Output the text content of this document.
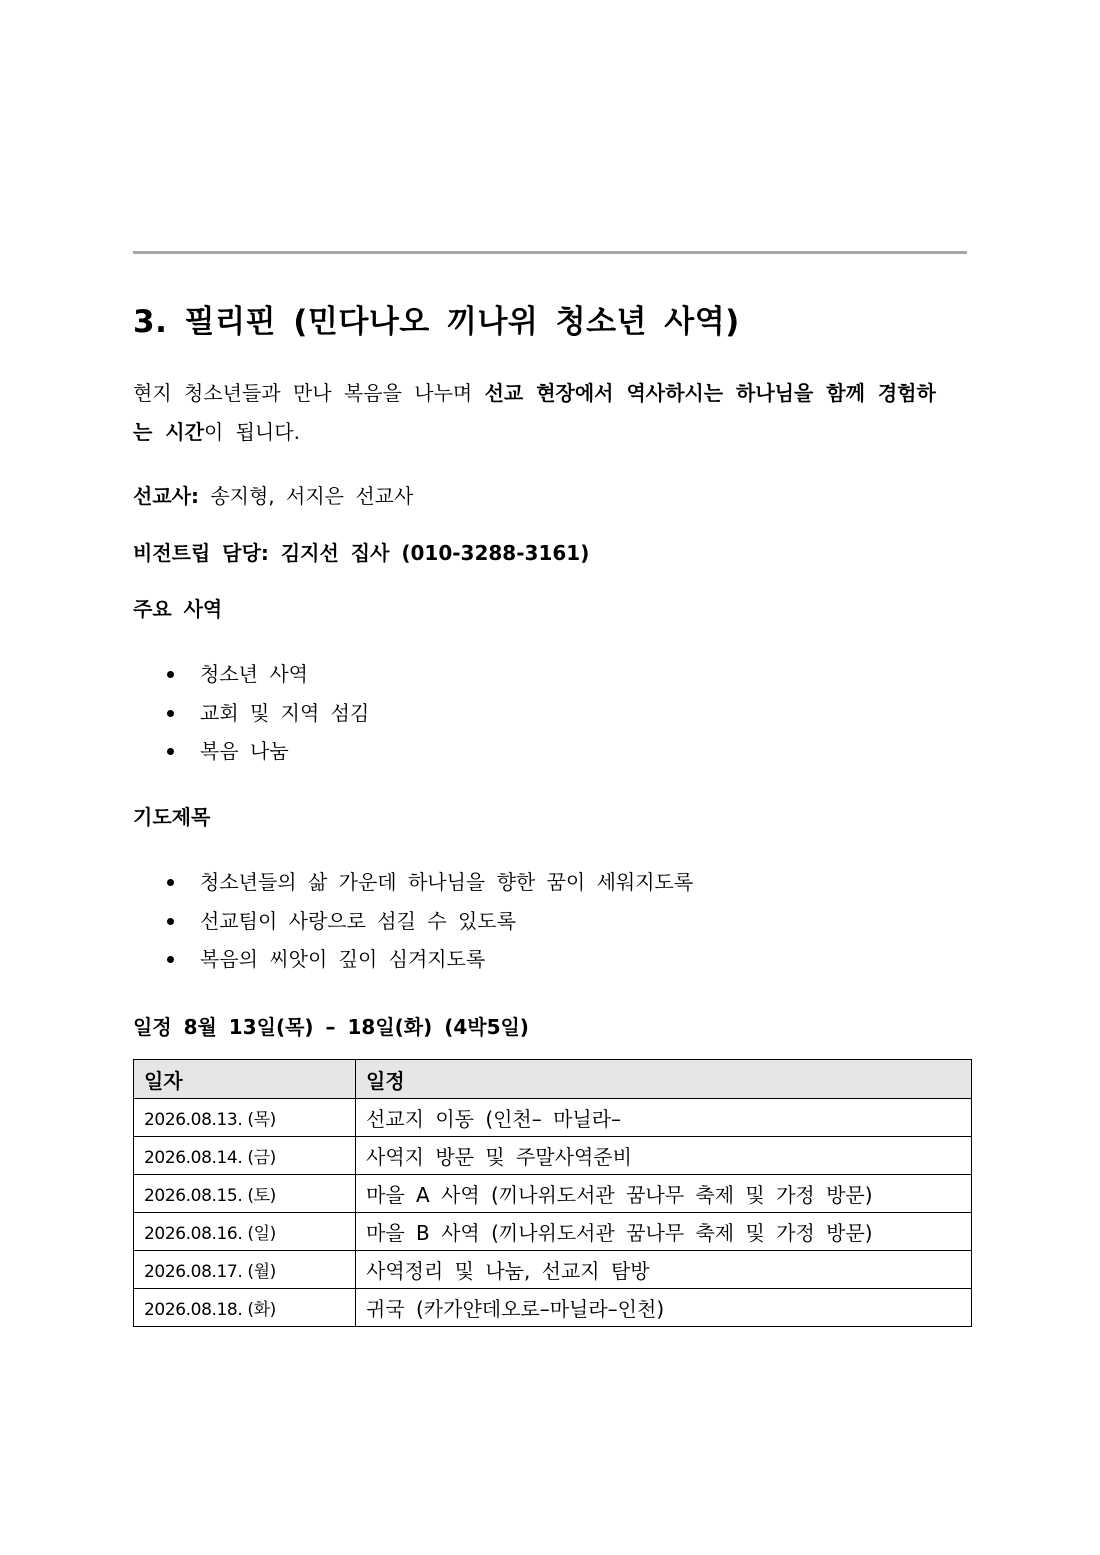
3. 필리핀 (민다나오 끼나위 청소년 사역)

현지 청소년들과 만나 복음을 나누며 선교 현장에서 역사하시는 하나님을 함께 경험하는 시간이 됩니다.

선교사: 송지형, 서지은 선교사

비전트립 담당: 김지선 집사 (010-3288-3161)

주요 사역

청소년 사역
교회 및 지역 섬김
복음 나눔

기도제목

청소년들의 삶 가운데 하나님을 향한 꿈이 세워지도록
선교팀이 사랑으로 섬길 수 있도록
복음의 씨앗이 깊이 심겨지도록

일정 8월 13일(목) – 18일(화) (4박5일)

일자	일정
2026.08.13. (목)	선교지 이동 (인천– 마닐라–
2026.08.14. (금)	사역지 방문 및 주말사역준비
2026.08.15. (토)	마을 A 사역 (끼나위도서관 꿈나무 축제 및 가정 방문)
2026.08.16. (일)	마을 B 사역 (끼나위도서관 꿈나무 축제 및 가정 방문)
2026.08.17. (월)	사역정리 및 나눔, 선교지 탐방
2026.08.18. (화)	귀국 (카가얀데오로–마닐라–인천)
